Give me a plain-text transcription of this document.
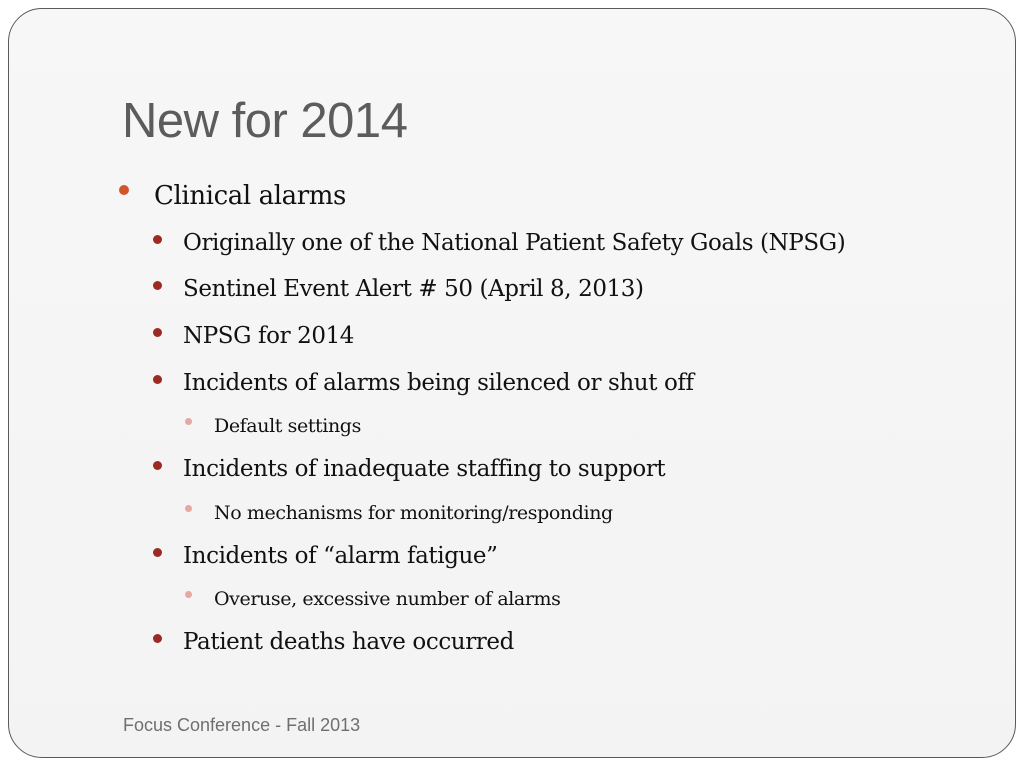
New for 2014
Clinical alarms
Originally one of the National Patient Safety Goals (NPSG)
Sentinel Event Alert # 50 (April 8, 2013)
NPSG for 2014
Incidents of alarms being silenced or shut off
Default settings
Incidents of inadequate staffing to support
No mechanisms for monitoring/responding
Incidents of “alarm fatigue”
Overuse, excessive number of alarms
Patient deaths have occurred
Focus Conference - Fall 2013
